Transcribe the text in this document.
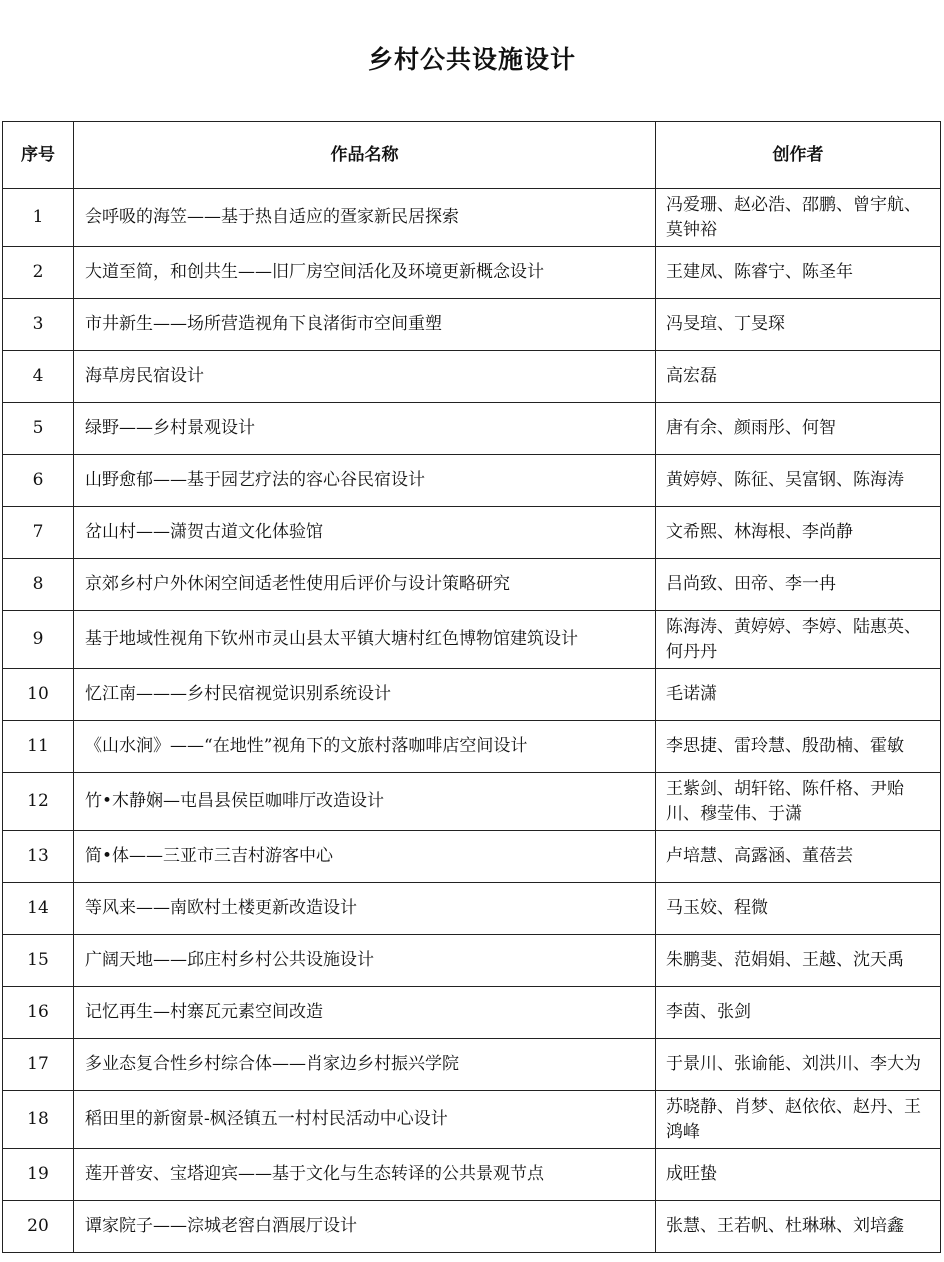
乡村公共设施设计
序号	作品名称	创作者
1	会呼吸的海笠——基于热自适应的疍家新民居探索	冯爱珊、赵必浩、邵鹏、曾宇航、莫钟裕
2	大道至简，和创共生——旧厂房空间活化及环境更新概念设计	王建凤、陈睿宁、陈圣年
3	市井新生——场所营造视角下良渚街市空间重塑	冯旻瑄、丁旻琛
4	海草房民宿设计	高宏磊
5	绿野——乡村景观设计	唐有余、颜雨彤、何智
6	山野愈郁——基于园艺疗法的容心谷民宿设计	黄婷婷、陈征、吴富钢、陈海涛
7	岔山村——潇贺古道文化体验馆	文希熙、林海根、李尚静
8	京郊乡村户外休闲空间适老性使用后评价与设计策略研究	吕尚致、田帝、李一冉
9	基于地域性视角下钦州市灵山县太平镇大塘村红色博物馆建筑设计	陈海涛、黄婷婷、李婷、陆惠英、何丹丹
10	忆江南———乡村民宿视觉识别系统设计	毛诺潇
11	《山水涧》——“在地性”视角下的文旅村落咖啡店空间设计	李思捷、雷玲慧、殷劭楠、霍敏
12	竹•木静娴—屯昌县侯臣咖啡厅改造设计	王紫剑、胡轩铭、陈仟格、尹贻川、穆莹伟、于潇
13	简•体——三亚市三吉村游客中心	卢培慧、高露涵、董蓓芸
14	等风来——南欧村土楼更新改造设计	马玉姣、程微
15	广阔天地——邱庄村乡村公共设施设计	朱鹏斐、范娟娟、王越、沈天禹
16	记忆再生—村寨瓦元素空间改造	李茵、张剑
17	多业态复合性乡村综合体——肖家边乡村振兴学院	于景川、张谕能、刘洪川、李大为
18	稻田里的新窗景-枫泾镇五一村村民活动中心设计	苏晓静、肖梦、赵依依、赵丹、王鸿峰
19	莲开普安、宝塔迎宾——基于文化与生态转译的公共景观节点	成旺蛰
20	谭家院子——淙城老窖白酒展厅设计	张慧、王若帆、杜琳琳、刘培鑫
